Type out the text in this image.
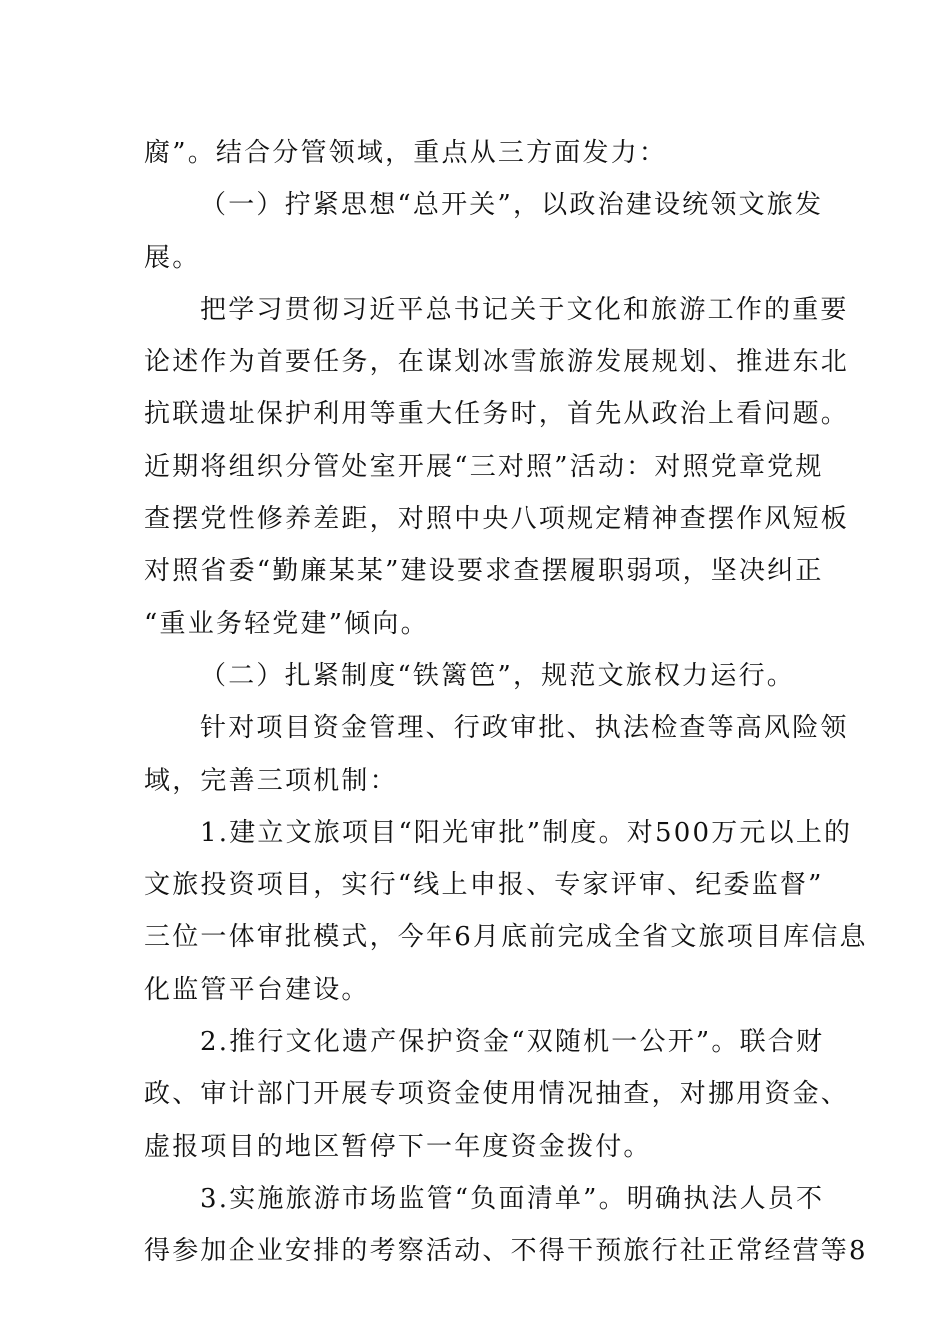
腐”。结合分管领域，重点从三方面发力：
（一）拧紧思想“总开关”，以政治建设统领文旅发
展。
把学习贯彻习近平总书记关于文化和旅游工作的重要
论述作为首要任务，在谋划冰雪旅游发展规划、推进东北
抗联遗址保护利用等重大任务时，首先从政治上看问题。
近期将组织分管处室开展“三对照”活动：对照党章党规
查摆党性修养差距，对照中央八项规定精神查摆作风短板
对照省委“勤廉某某”建设要求查摆履职弱项，坚决纠正
“重业务轻党建”倾向。
（二）扎紧制度“铁篱笆”，规范文旅权力运行。
针对项目资金管理、行政审批、执法检查等高风险领
域，完善三项机制：
1.建立文旅项目“阳光审批”制度。对500万元以上的
文旅投资项目，实行“线上申报、专家评审、纪委监督”
三位一体审批模式，今年6月底前完成全省文旅项目库信息
化监管平台建设。
2.推行文化遗产保护资金“双随机一公开”。联合财
政、审计部门开展专项资金使用情况抽查，对挪用资金、
虚报项目的地区暂停下一年度资金拨付。
3.实施旅游市场监管“负面清单”。明确执法人员不
得参加企业安排的考察活动、不得干预旅行社正常经营等8
